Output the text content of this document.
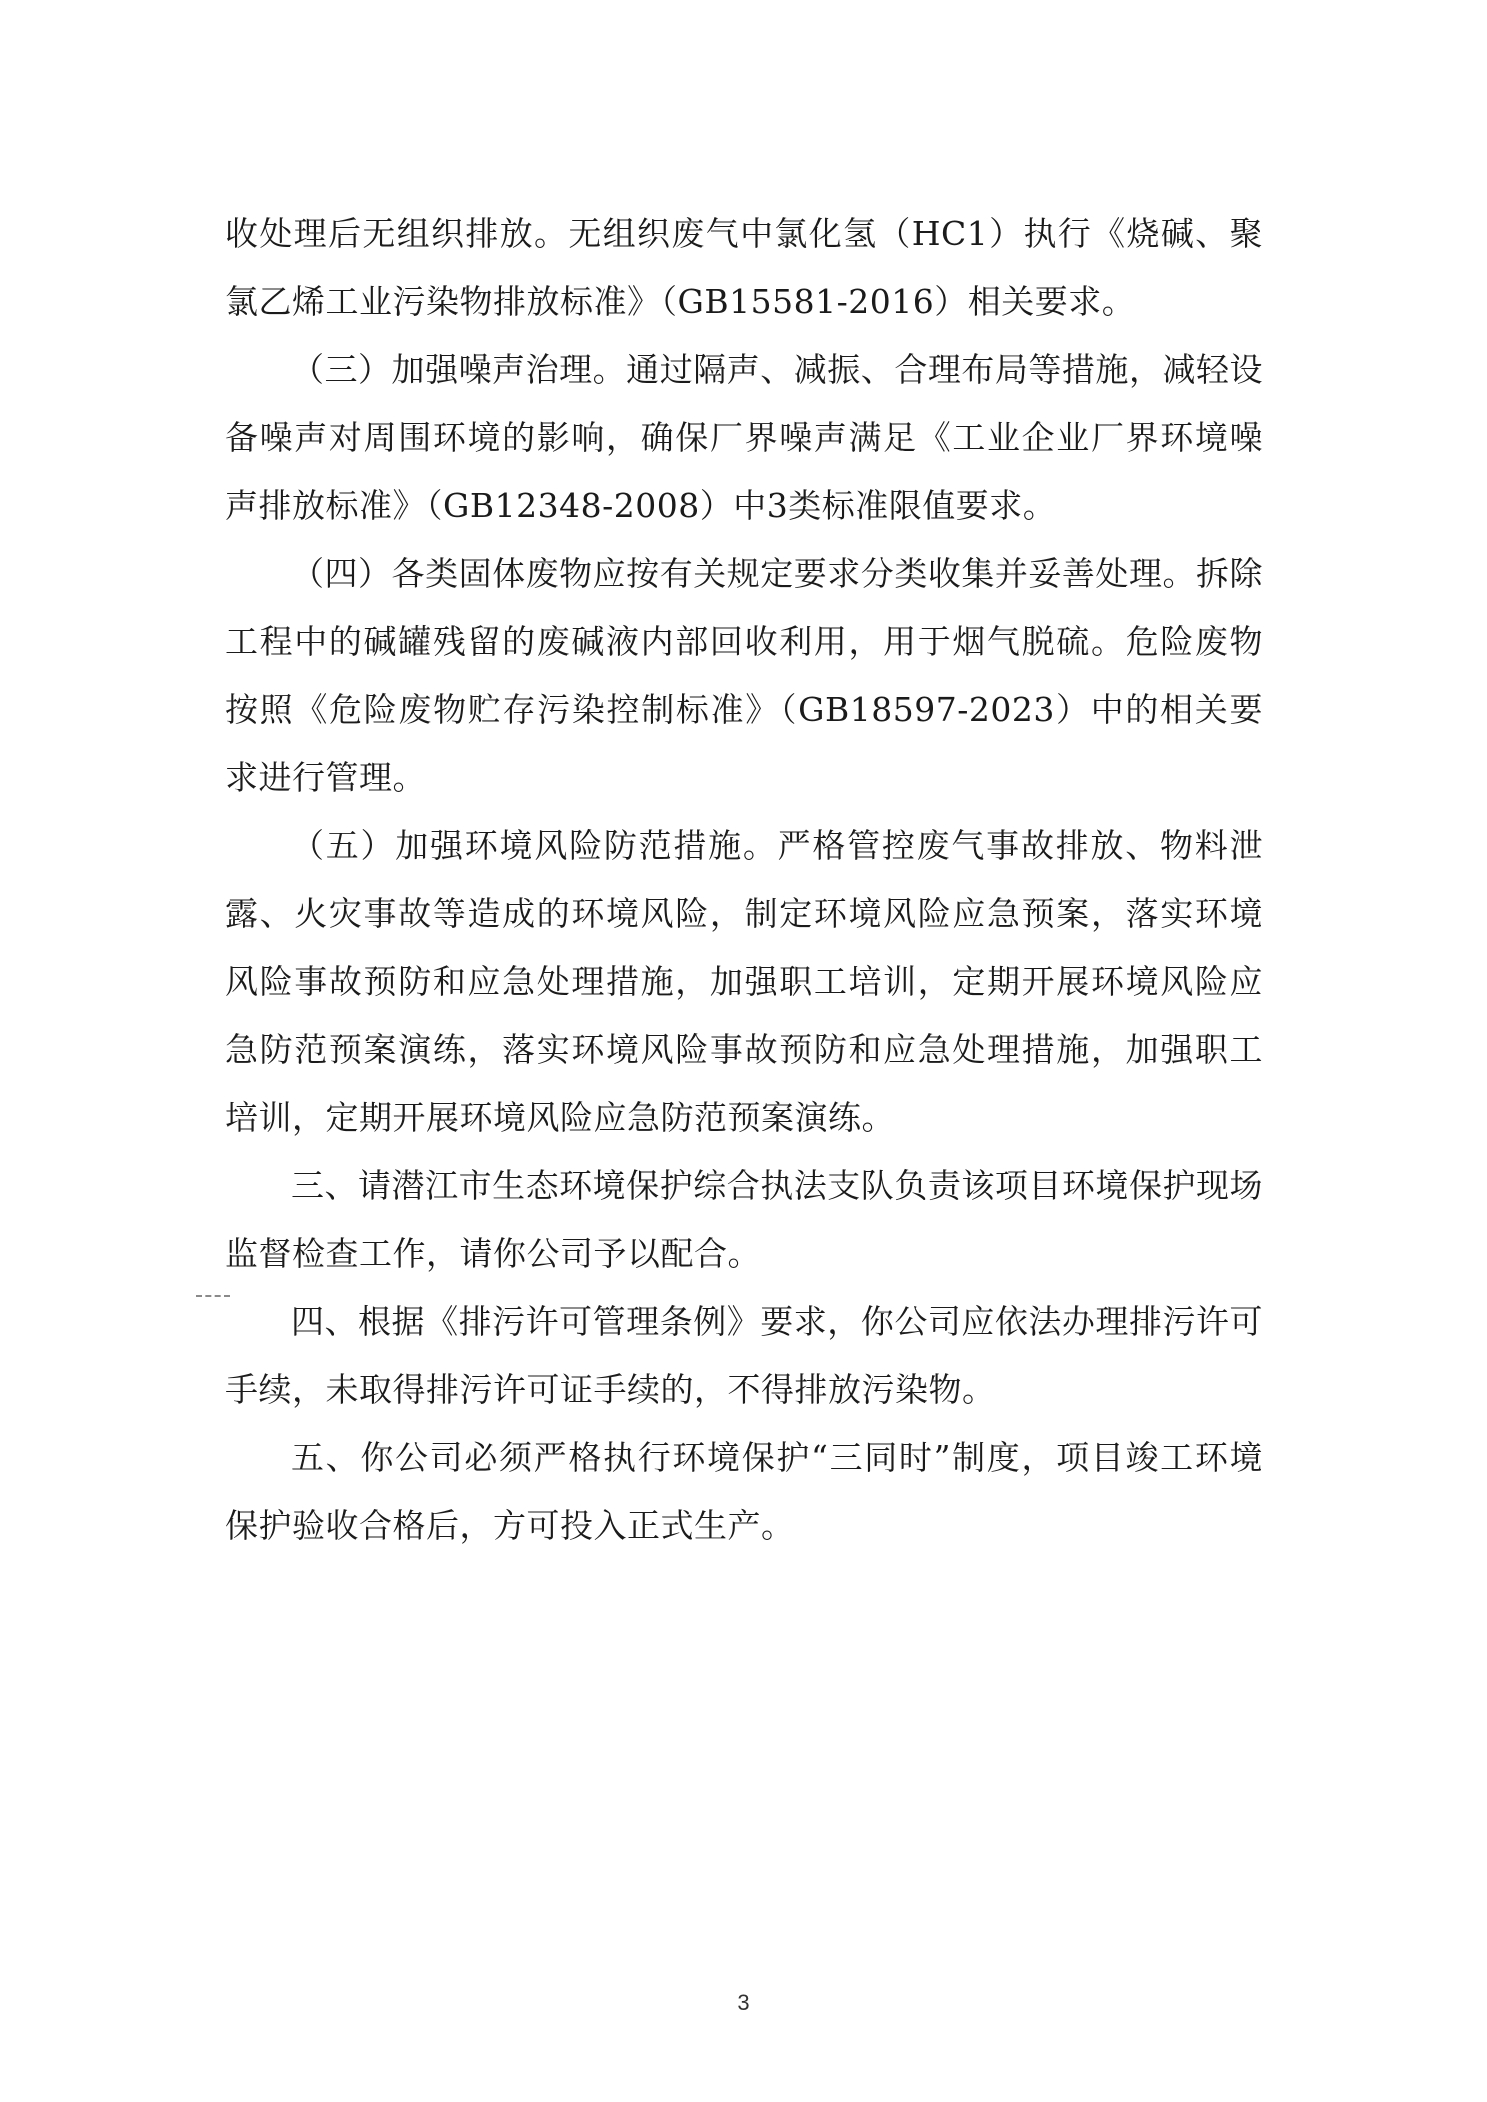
收处理后无组织排放。无组织废气中氯化氢（HC1）执行《烧碱、聚氯乙烯工业污染物排放标准》（GB15581-2016）相关要求。

（三）加强噪声治理。通过隔声、减振、合理布局等措施，减轻设备噪声对周围环境的影响，确保厂界噪声满足《工业企业厂界环境噪声排放标准》（GB12348-2008）中3类标准限值要求。

（四）各类固体废物应按有关规定要求分类收集并妥善处理。拆除工程中的碱罐残留的废碱液内部回收利用，用于烟气脱硫。危险废物按照《危险废物贮存污染控制标准》（GB18597-2023）中的相关要求进行管理。

（五）加强环境风险防范措施。严格管控废气事故排放、物料泄露、火灾事故等造成的环境风险，制定环境风险应急预案，落实环境风险事故预防和应急处理措施，加强职工培训，定期开展环境风险应急防范预案演练，落实环境风险事故预防和应急处理措施，加强职工培训，定期开展环境风险应急防范预案演练。

三、请潜江市生态环境保护综合执法支队负责该项目环境保护现场监督检查工作，请你公司予以配合。

四、根据《排污许可管理条例》要求，你公司应依法办理排污许可手续，未取得排污许可证手续的，不得排放污染物。

五、你公司必须严格执行环境保护“三同时”制度，项目竣工环境保护验收合格后，方可投入正式生产。

3
